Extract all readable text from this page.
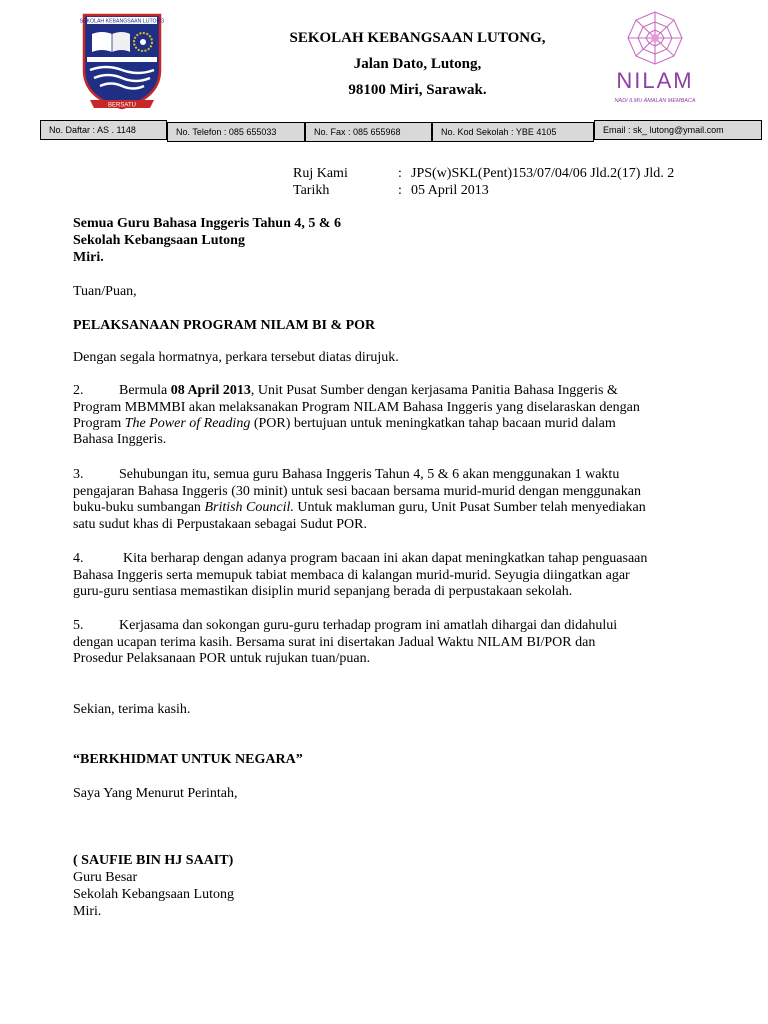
SEKOLAH KEBANGSAAN LUTONG
BERSATU
SEKOLAH KEBANGSAAN LUTONG,
Jalan Dato, Lutong,
98100 Miri, Sarawak.	NILAM
NADI ILMU AMALAN MEMBACA
No. Daftar : AS . 1148	No. Telefon : 085 655033	No. Fax : 085 655968	No. Kod Sekolah : YBE 4105	Email : sk_ lutong@ymail.com
Ruj Kami	: JPS(w)SKL(Pent)153/07/04/06 Jld.2(17) Jld. 2
Tarikh	: 05 April 2013
Semua Guru Bahasa Inggeris Tahun 4, 5 & 6
Sekolah Kebangsaan Lutong
Miri.
Tuan/Puan,
PELAKSANAAN PROGRAM NILAM BI & POR
Dengan segala hormatnya, perkara tersebut diatas dirujuk.
2.	Bermula 08 April 2013, Unit Pusat Sumber dengan kerjasama Panitia Bahasa Inggeris &
Program MBMMBI akan melaksanakan Program NILAM Bahasa Inggeris yang diselaraskan dengan
Program The Power of Reading (POR) bertujuan untuk meningkatkan tahap bacaan murid dalam
Bahasa Inggeris.
3.	Sehubungan itu, semua guru Bahasa Inggeris Tahun 4, 5 & 6 akan menggunakan 1 waktu
pengajaran Bahasa Inggeris (30 minit) untuk sesi bacaan bersama murid-murid dengan menggunakan
buku-buku sumbangan British Council. Untuk makluman guru, Unit Pusat Sumber telah menyediakan
satu sudut khas di Perpustakaan sebagai Sudut POR.
4.	Kita berharap dengan adanya program bacaan ini akan dapat meningkatkan tahap penguasaan
Bahasa Inggeris serta memupuk tabiat membaca di kalangan murid-murid. Seyugia diingatkan agar
guru-guru sentiasa memastikan disiplin murid sepanjang berada di perpustakaan sekolah.
5.	Kerjasama dan sokongan guru-guru terhadap program ini amatlah dihargai dan didahului
dengan ucapan terima kasih. Bersama surat ini disertakan Jadual Waktu NILAM BI/POR dan
Prosedur Pelaksanaan POR untuk rujukan tuan/puan.
Sekian, terima kasih.
“BERKHIDMAT UNTUK NEGARA”
Saya Yang Menurut Perintah,
( SAUFIE BIN HJ SAAIT)
Guru Besar
Sekolah Kebangsaan Lutong
Miri.
